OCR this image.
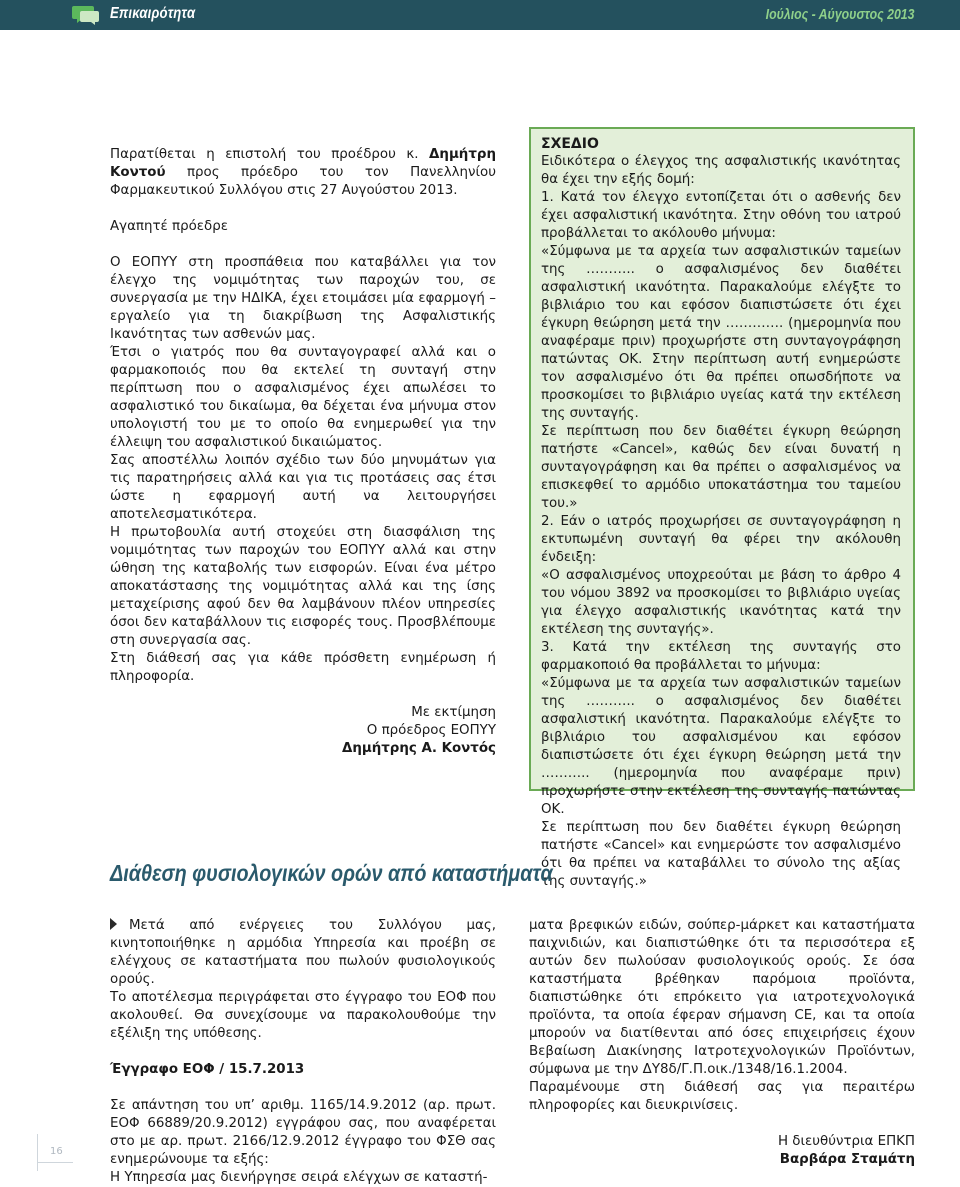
Επικαιρότητα	Ιούλιος - Αύγουστος 2013

Παρατίθεται η επιστολή του προέδρου κ. Δημήτρη Κοντού προς πρόεδρο του τον Πανελληνίου Φαρμακευτικού Συλλόγου στις 27 Αυγούστου 2013.

Αγαπητέ πρόεδρε

Ο ΕΟΠΥΥ στη προσπάθεια που καταβάλλει για τον έλεγχο της νομιμότητας των παροχών του, σε συνεργασία με την ΗΔΙΚΑ, έχει ετοιμάσει μία εφαρμογή – εργαλείο για τη διακρίβωση της Ασφαλιστικής Ικανότητας των ασθενών μας.

Έτσι ο γιατρός που θα συνταγογραφεί αλλά και ο φαρμακοποιός που θα εκτελεί τη συνταγή στην περίπτωση που ο ασφαλισμένος έχει απωλέσει το ασφαλιστικό του δικαίωμα, θα δέχεται ένα μήνυμα στον υπολογιστή του με το οποίο θα ενημερωθεί για την έλλειψη του ασφαλιστικού δικαιώματος.

Σας αποστέλλω λοιπόν σχέδιο των δύο μηνυμάτων για τις παρατηρήσεις αλλά και για τις προτάσεις σας έτσι ώστε η εφαρμογή αυτή να λειτουργήσει αποτελεσματικότερα.

Η πρωτοβουλία αυτή στοχεύει στη διασφάλιση της νομιμότητας των παροχών του ΕΟΠΥΥ αλλά και στην ώθηση της καταβολής των εισφορών. Είναι ένα μέτρο αποκατάστασης της νομιμότητας αλλά και της ίσης μεταχείρισης αφού δεν θα λαμβάνουν πλέον υπηρεσίες όσοι δεν καταβάλλουν τις εισφορές τους. Προσβλέπουμε στη συνεργασία σας.

Στη διάθεσή σας για κάθε πρόσθετη ενημέρωση ή πληροφορία.

Με εκτίμηση

Ο πρόεδρος ΕΟΠΥΥ

Δημήτρης Α. Κοντός

ΣΧΕΔΙΟ

Ειδικότερα ο έλεγχος της ασφαλιστικής ικανότητας θα έχει την εξής δομή:

1. Κατά τον έλεγχο εντοπίζεται ότι ο ασθενής δεν έχει ασφαλιστική ικανότητα. Στην οθόνη του ιατρού προβάλλεται το ακόλουθο μήνυμα:

«Σύμφωνα με τα αρχεία των ασφαλιστικών ταμείων της ……….. ο ασφαλισμένος δεν διαθέτει ασφαλιστική ικανότητα. Παρακαλούμε ελέγξτε το βιβλιάριο του και εφόσον διαπιστώσετε ότι έχει έγκυρη θεώρηση μετά την …………. (ημερομηνία που αναφέραμε πριν) προχωρήστε στη συνταγογράφηση πατώντας ΟΚ. Στην περίπτωση αυτή ενημερώστε τον ασφαλισμένο ότι θα πρέπει οπωσδήποτε να προσκομίσει το βιβλιάριο υγείας κατά την εκτέλεση της συνταγής.

Σε περίπτωση που δεν διαθέτει έγκυρη θεώρηση πατήστε «Cancel», καθώς δεν είναι δυνατή η συνταγογράφηση και θα πρέπει ο ασφαλισμένος να επισκεφθεί το αρμόδιο υποκατάστημα του ταμείου του.»

2. Εάν ο ιατρός προχωρήσει σε συνταγογράφηση η εκτυπωμένη συνταγή θα φέρει την ακόλουθη ένδειξη:

«Ο ασφαλισμένος υποχρεούται με βάση το άρθρο 4 του νόμου 3892 να προσκομίσει το βιβλιάριο υγείας για έλεγχο ασφαλιστικής ικανότητας κατά την εκτέλεση της συνταγής».

3. Κατά την εκτέλεση της συνταγής στο φαρμακοποιό θα προβάλλεται το μήνυμα:

«Σύμφωνα με τα αρχεία των ασφαλιστικών ταμείων της ……….. ο ασφαλισμένος δεν διαθέτει ασφαλιστική ικανότητα. Παρακαλούμε ελέγξτε το βιβλιάριο του ασφαλισμένου και εφόσον διαπιστώσετε ότι έχει έγκυρη θεώρηση μετά την ……….. (ημερομηνία που αναφέραμε πριν) προχωρήστε στην εκτέλεση της συνταγής πατώντας ΟΚ.

Σε περίπτωση που δεν διαθέτει έγκυρη θεώρηση πατήστε «Cancel» και ενημερώστε τον ασφαλισμένο ότι θα πρέπει να καταβάλλει το σύνολο της αξίας της συνταγής.»

Διάθεση φυσιολογικών ορών από καταστήματα

Μετά από ενέργειες του Συλλόγου μας, κινητοποιήθηκε η αρμόδια Υπηρεσία και προέβη σε ελέγχους σε καταστήματα που πωλούν φυσιολογικούς ορούς.

Το αποτέλεσμα περιγράφεται στο έγγραφο του ΕΟΦ που ακολουθεί. Θα συνεχίσουμε να παρακολουθούμε την εξέλιξη της υπόθεσης.

Έγγραφο ΕΟΦ / 15.7.2013

Σε απάντηση του υπ’ αριθμ. 1165/14.9.2012 (αρ. πρωτ. ΕΟΦ 66889/20.9.2012) εγγράφου σας, που αναφέρεται στο με αρ. πρωτ. 2166/12.9.2012 έγγραφο του ΦΣΘ σας ενημερώνουμε τα εξής:

Η Υπηρεσία μας διενήργησε σειρά ελέγχων σε καταστή-

ματα βρεφικών ειδών, σούπερ-μάρκετ και καταστήματα παιχνιδιών, και διαπιστώθηκε ότι τα περισσότερα εξ αυτών δεν πωλούσαν φυσιολογικούς ορούς. Σε όσα καταστήματα βρέθηκαν παρόμοια προϊόντα, διαπιστώθηκε ότι επρόκειτο για ιατροτεχνολογικά προϊόντα, τα οποία έφεραν σήμανση CE, και τα οποία μπορούν να διατίθενται από όσες επιχειρήσεις έχουν Βεβαίωση Διακίνησης Ιατροτεχνολογικών Προϊόντων, σύμφωνα με την ΔΥ8δ/Γ.Π.οικ./1348/16.1.2004.

Παραμένουμε στη διάθεσή σας για περαιτέρω πληροφορίες και διευκρινίσεις.

Η διευθύντρια ΕΠΚΠ

Βαρβάρα Σταμάτη

16
